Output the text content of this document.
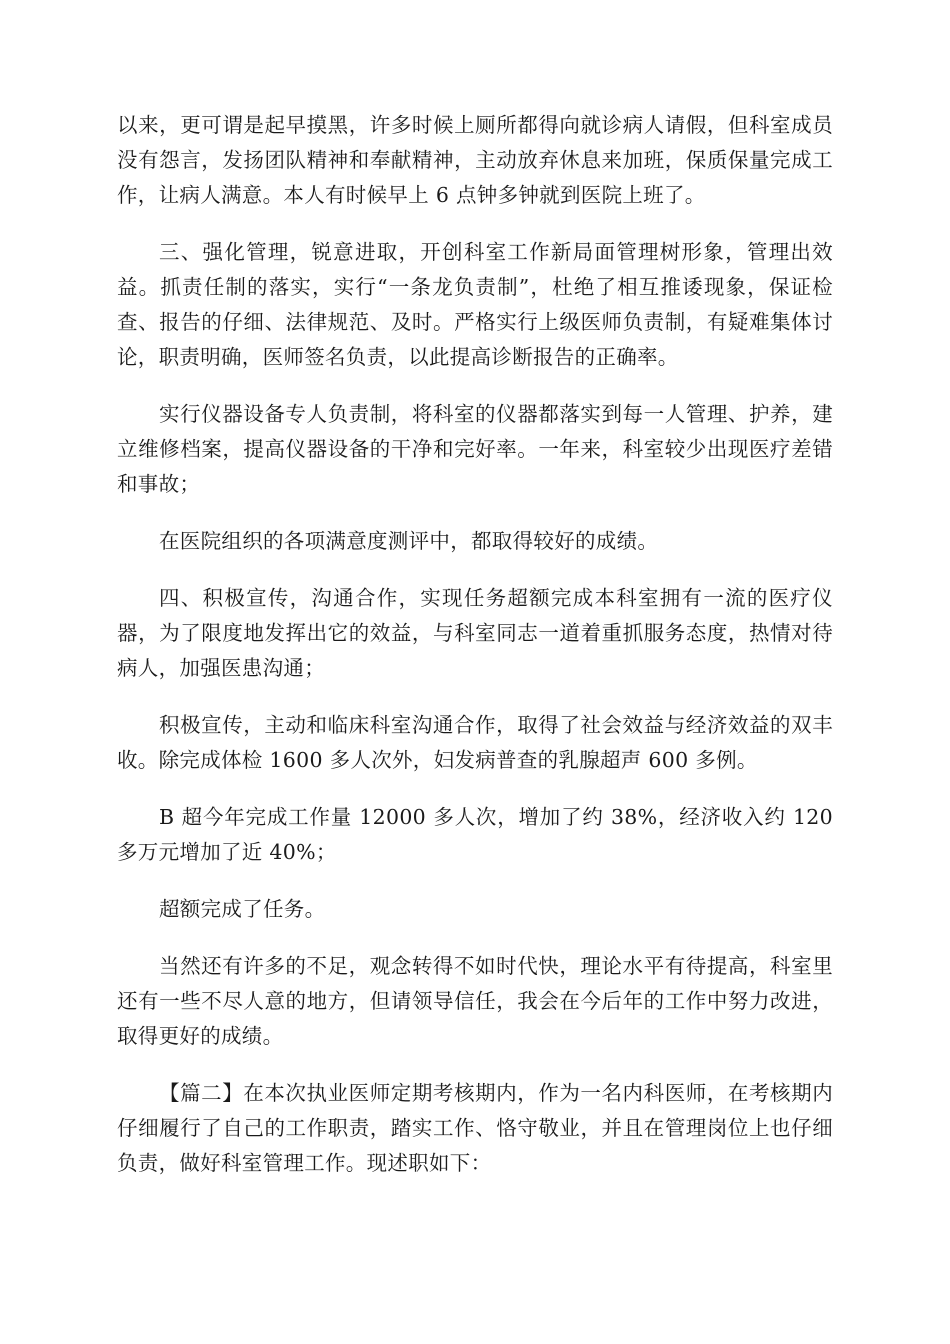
以来，更可谓是起早摸黑，许多时候上厕所都得向就诊病人请假，但科室成员没有怨言，发扬团队精神和奉献精神，主动放弃休息来加班，保质保量完成工作，让病人满意。本人有时候早上 6 点钟多钟就到医院上班了。

三、强化管理，锐意进取，开创科室工作新局面管理树形象，管理出效益。抓责任制的落实，实行“一条龙负责制”，杜绝了相互推诿现象，保证检查、报告的仔细、法律规范、及时。严格实行上级医师负责制，有疑难集体讨论，职责明确，医师签名负责，以此提高诊断报告的正确率。

实行仪器设备专人负责制，将科室的仪器都落实到每一人管理、护养，建立维修档案，提高仪器设备的干净和完好率。一年来，科室较少出现医疗差错和事故；

在医院组织的各项满意度测评中，都取得较好的成绩。

四、积极宣传，沟通合作，实现任务超额完成本科室拥有一流的医疗仪器，为了限度地发挥出它的效益，与科室同志一道着重抓服务态度，热情对待病人，加强医患沟通；

积极宣传，主动和临床科室沟通合作，取得了社会效益与经济效益的双丰收。除完成体检 1600 多人次外，妇发病普查的乳腺超声 600 多例。

B 超今年完成工作量 12000 多人次，增加了约 38%，经济收入约 120 多万元增加了近 40%；

超额完成了任务。

当然还有许多的不足，观念转得不如时代快，理论水平有待提高，科室里还有一些不尽人意的地方，但请领导信任，我会在今后年的工作中努力改进，取得更好的成绩。

【篇二】在本次执业医师定期考核期内，作为一名内科医师，在考核期内仔细履行了自己的工作职责，踏实工作、恪守敬业，并且在管理岗位上也仔细负责，做好科室管理工作。现述职如下：
